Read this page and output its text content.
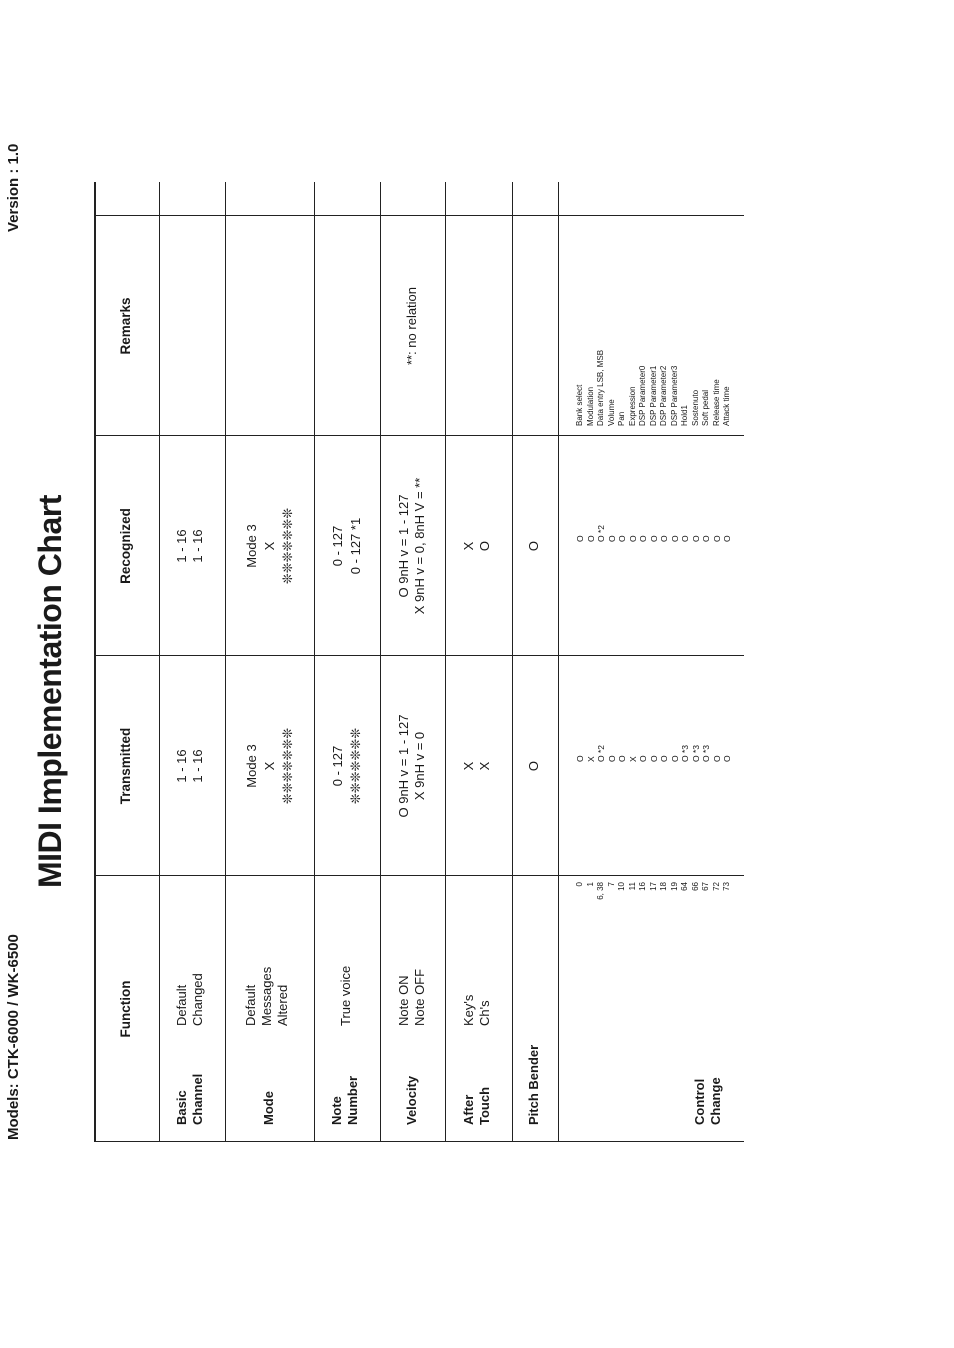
Models: CTK-6000 / WK-6500
Version : 1.0
MIDI Implementation Chart
Function
Transmitted
Recognized
Remarks
Basic
Channel
Default
Changed
1 - 16
1 - 16
1 - 16
1 - 16
Mode
Default
Messages
Altered
Mode 3
X
❊❊❊❊❊❊❊
Mode 3
X
❊❊❊❊❊❊❊
Note
Number
True voice
0 - 127
❊❊❊❊❊❊❊
0 - 127
0 - 127 *1
Velocity
Note ON
Note OFF
O 9nH v = 1 - 127
X 9nH v = 0
O 9nH v = 1 - 127
X 9nH v = 0, 8nH V = **
**: no relation
After
Touch
Key's
Ch's
X
X
X
O
Pitch Bender
O
O
Control
Change
0
1
6, 38
7
10
11
16
17
18
19
64
66
67
72
73
O
X
O *2
O
O
X
O
O
O
O
O *3
O *3
O *3
O
O
O
O
O *2
O
O
O
O
O
O
O
O
O
O
O
O
Bank select
Modulation
Data entry LSB, MSB
Volume
Pan
Expression
DSP Parameter0
DSP Parameter1
DSP Parameter2
DSP Parameter3
Hold1
Sostenuto
Soft pedal
Release time
Attack time
